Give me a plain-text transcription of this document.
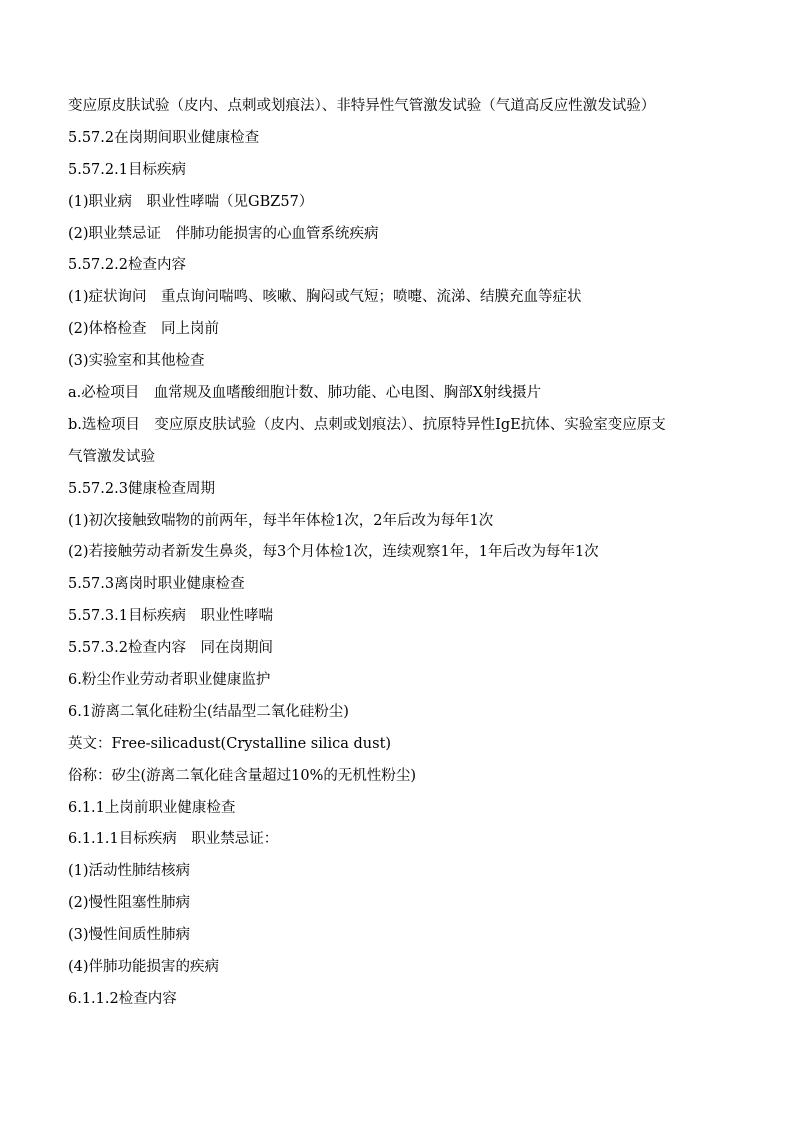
变应原皮肤试验（皮内、点刺或划痕法）、非特异性气管激发试验（气道高反应性激发试验）
5.57.2在岗期间职业健康检查
5.57.2.1目标疾病
(1)职业病　职业性哮喘（见GBZ57）
(2)职业禁忌证　伴肺功能损害的心血管系统疾病
5.57.2.2检查内容
(1)症状询问　重点询问喘鸣、咳嗽、胸闷或气短；喷嚏、流涕、结膜充血等症状
(2)体格检查　同上岗前
(3)实验室和其他检查
a.必检项目　血常规及血嗜酸细胞计数、肺功能、心电图、胸部X射线摄片
b.选检项目　变应原皮肤试验（皮内、点刺或划痕法）、抗原特异性IgE抗体、实验室变应原支
气管激发试验
5.57.2.3健康检查周期
(1)初次接触致喘物的前两年，每半年体检1次，2年后改为每年1次
(2)若接触劳动者新发生鼻炎，每3个月体检1次，连续观察1年，1年后改为每年1次
5.57.3离岗时职业健康检查
5.57.3.1目标疾病　职业性哮喘
5.57.3.2检查内容　同在岗期间
6.粉尘作业劳动者职业健康监护
6.1游离二氧化硅粉尘(结晶型二氧化硅粉尘)
英文：Free-silicadust(Crystalline silica dust)
俗称：矽尘(游离二氧化硅含量超过10%的无机性粉尘)
6.1.1上岗前职业健康检查
6.1.1.1目标疾病　职业禁忌证：
(1)活动性肺结核病
(2)慢性阻塞性肺病
(3)慢性间质性肺病
(4)伴肺功能损害的疾病
6.1.1.2检查内容
